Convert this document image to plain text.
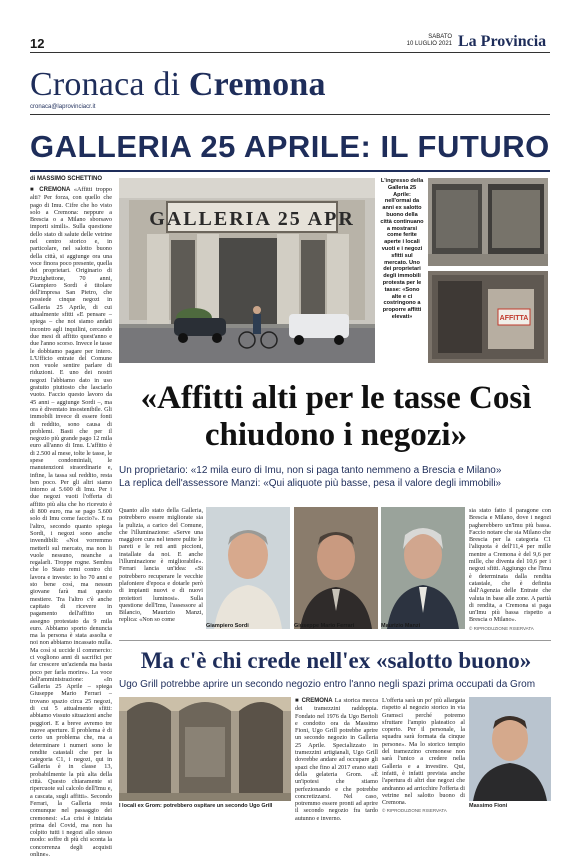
12	SABATO
10 LUGLIO 2021 La Provincia
Cronaca di Cremona
cronaca@laprovinciacr.it
GALLERIA 25 APRILE: IL FUTURO
di MASSIMO SCHETTINO
■ CREMONA «Affitti troppo alti? Per forza, con quello che pago di Imu. Cifre che ho visto solo a Cremona: neppure a Brescia o a Milano sborsavo importi simili». Sulla questione dello stato di salute delle vetrine nel centro storico e, in particolare, nel salotto buono della città, si aggiunge ora una voce finora poco presente, quella dei proprietari. Originario di Pizzighettone, 70 anni, Giampiero Sordi è titolare dell'impresa San Pietro, che possiede cinque negozi in Galleria 25 Aprile, di cui attualmente sfitti «E pensare – spiega – che noi siamo andati incontro agli inquilini, cercando due mesi di affitto quest'anno e due l'anno scorso. Invece le tasse le dobbiamo pagare per intero. L'Ufficio entrate del Comune non vuole sentire parlare di riduzioni. E uno dei nostri negozi l'abbiamo dato in uso gratuito piuttosto che lasciarlo vuoto. Faccio questo lavoro da 45 anni – aggiunge Sordi –, ma ora è diventato insostenibile. Gli immobili invece di essere fonti di reddito, sono causa di problemi. Basti che per il negozio più grande pago 12 mila euro all'anno di Imu. L'affitto è di 2.500 al mese, tolte le tasse, le spese condominiali, le manutenzioni straordinarie e, infine, la tassa sul reddito, resta ben poco. Per gli altri siamo intorno ai 5.600 di Imu. Per i due negozi vuoti l'offerta di affitto più alta che ho ricevuto è di 800 euro, ma se pago 5.600 solo di Imu come faccio?». E ra l'altro, secondo quanto spiega Sordi, i negozi sono anche invendibili: «Noi vorremmo metterli sul mercato, ma non li vuole nessuno, neanche a regalarli. Troppe rogne. Sembra che lo Stato remi contro chi lavora e investe: io ho 70 anni e sto bene così, ma nessun giovane farà mai questo mestiere. Tra l'altro c'è anche capitato di ricevere in pagamento dell'affitto un assegno protestato da 9 mila euro. Abbiamo sporto denuncia ma la persona è stata assolta e noi non abbiamo incassato nulla. Ma così si uccide il commercio: ci vogliono anni di sacrifici per far crescere un'azienda ma basta poco per farla morire». La voce dell'amministrazione: «In Galleria 25 Aprile – spiega Giuseppe Mario Ferrari – trovano spazio circa 25 negozi, di cui 5 attualmente sfitti: abbiamo vissuto situazioni anche peggiori. E a breve avremo tre nuove aperture. Il problema è di certo un problema che, ma a determinare i numeri sono le rendite catastali che per la categoria C1, i negozi, qui in Galleria è in classe 13, probabilmente la più alta della città. Questo chiaramente si ripercuote sul calcolo dell'Imu e, a cascata, sugli affitti». Secondo Ferrari, la Galleria resta comunque nel passaggio dei cremonesi: «La crisi è iniziata prima del Covid, ma non ha colpito tutti i negozi allo stesso modo: soffre di più chi sconta la concorrenza degli acquisti online».
GALLERIA 25 APR
L'ingresso della Galleria 25 Aprile: nell'ormai da anni ex salotto buono della città continuano a mostrarsi come ferite aperte i locali vuoti e i negozi sfitti sul mercato. Uno dei proprietari degli immobili protesta per le tasse: «Sono alte e ci costringono a proporre affitti elevati»	AFFITTA
«Affitti alti per le tasse Così chiudono i negozi»
Un proprietario: «12 mila euro di Imu, non si paga tanto nemmeno a Brescia e Milano»
La replica dell'assessore Manzi: «Qui aliquote più basse, pesa il valore degli immobili»
Quanto allo stato della Galleria, potrebbero essere migliorate sia la pulizia, a carico del Comune, che l'illuminazione: «Serve una maggiore cura nel tenere pulite le pareti e le reti anti piccioni, installate da noi. E anche l'illuminazione è migliorabile». Ferrari lancia un'idea: «Si potrebbero recuperare le vecchie plafoniere d'epoca e dotarle però di impianti nuovi e di nuovi proiettori luminosi». Sulla questione dell'Imu, l'assessore al Bilancio, Maurizio Manzi, replica: «Non so come
Giampiero Sordi	Giuseppe Mario Ferrari	Maurizio Manzi
sia stato fatto il paragone con Brescia e Milano, dove i negozi pagherebbero un'Imu più bassa. Faccio notare che sia Milano che Brescia per la categoria C1 l'aliquota è dell'11,4 per mille mentre a Cremona è del 9,6 per mille, che diventa del 10,6 per i negozi sfitti. Aggiungo che l'Imu è determinata dalla rendita catastale, che è definita dall'Agenzia delle Entrate che valuta in base alle zone. A parità di rendita, a Cremona si paga un'Imu più bassa rispetto a Brescia o Milano».
© RIPRODUZIONE RISERVATA
Ma c'è chi crede nell'ex «salotto buono»
Ugo Grill potrebbe aprire un secondo negozio entro l'anno negli spazi prima occupati da Grom
I locali ex Grom: potrebbero ospitare un secondo Ugo Grill
■ CREMONA La storica mecca dei tramezzini raddoppia. Fondato nel 1976 da Ugo Bertoli e condotto ora da Massimo Fioni, Ugo Grill potrebbe aprire un secondo negozio in Galleria 25 Aprile. Specializzato in tramezzini artigianali, Ugo Grill dovrebbe andare ad occupare gli spazi che fino al 2017 erano stati della gelateria Grom. «È un'ipotesi che stiamo perfezionando e che potrebbe concretizzarsi. Nel caso, potremmo essere pronti ad aprire il secondo negozio fra tardo autunno e inverno.
L'offerta sarà un po' più allargata rispetto al negozio storico in via Gramsci perché potremo sfruttare l'ampio plateatico al coperto. Per il personale, la squadra sarà formata da cinque persone». Ma lo storico tempio del tramezzino cremonese non sarà l'unico a credere nella Galleria e a investire. Qui, infatti, è infatti prevista anche l'apertura di altri due negozi che andranno ad arricchire l'offerta di vetrine nel salotto buono di Cremona.
© RIPRODUZIONE RISERVATA
Massimo Fioni
